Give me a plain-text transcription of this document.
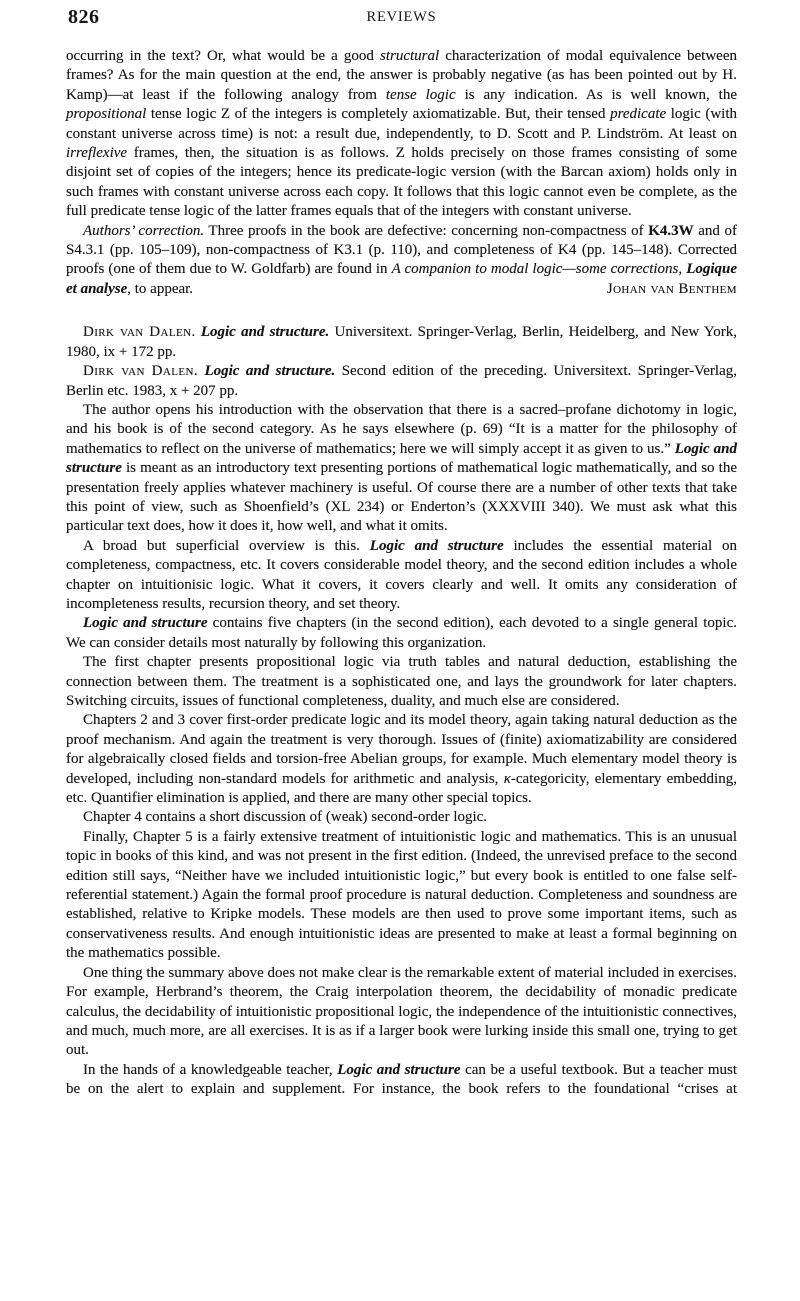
826	REVIEWS

occurring in the text? Or, what would be a good structural characterization of modal equivalence between frames? As for the main question at the end, the answer is probably negative (as has been pointed out by H. Kamp)—at least if the following analogy from tense logic is any indication. As is well known, the propositional tense logic Z of the integers is completely axiomatizable. But, their tensed predicate logic (with constant universe across time) is not: a result due, independently, to D. Scott and P. Lindström. At least on irreflexive frames, then, the situation is as follows. Z holds precisely on those frames consisting of some disjoint set of copies of the integers; hence its predicate-logic version (with the Barcan axiom) holds only in such frames with constant universe across each copy. It follows that this logic cannot even be complete, as the full predicate tense logic of the latter frames equals that of the integers with constant universe.

Authors’ correction. Three proofs in the book are defective: concerning non-compactness of K4.3W and of S4.3.1 (pp. 105–109), non-compactness of K3.1 (p. 110), and completeness of K4 (pp. 145–148). Corrected proofs (one of them due to W. Goldfarb) are found in A companion to modal logic—some corrections, Logique et analyse, to appear.	Johan van Benthem

Dirk van Dalen. Logic and structure. Universitext. Springer-Verlag, Berlin, Heidelberg, and New York, 1980, ix + 172 pp.

Dirk van Dalen. Logic and structure. Second edition of the preceding. Universitext. Springer-Verlag, Berlin etc. 1983, x + 207 pp.

The author opens his introduction with the observation that there is a sacred–profane dichotomy in logic, and his book is of the second category. As he says elsewhere (p. 69) “It is a matter for the philosophy of mathematics to reflect on the universe of mathematics; here we will simply accept it as given to us.” Logic and structure is meant as an introductory text presenting portions of mathematical logic mathematically, and so the presentation freely applies whatever machinery is useful. Of course there are a number of other texts that take this point of view, such as Shoenfield’s (XL 234) or Enderton’s (XXXVIII 340). We must ask what this particular text does, how it does it, how well, and what it omits.

A broad but superficial overview is this. Logic and structure includes the essential material on completeness, compactness, etc. It covers considerable model theory, and the second edition includes a whole chapter on intuitionisic logic. What it covers, it covers clearly and well. It omits any consideration of incompleteness results, recursion theory, and set theory.

Logic and structure contains five chapters (in the second edition), each devoted to a single general topic. We can consider details most naturally by following this organization.

The first chapter presents propositional logic via truth tables and natural deduction, establishing the connection between them. The treatment is a sophisticated one, and lays the groundwork for later chapters. Switching circuits, issues of functional completeness, duality, and much else are considered.

Chapters 2 and 3 cover first-order predicate logic and its model theory, again taking natural deduction as the proof mechanism. And again the treatment is very thorough. Issues of (finite) axiomatizability are considered for algebraically closed fields and torsion-free Abelian groups, for example. Much elementary model theory is developed, including non-standard models for arithmetic and analysis, κ-categoricity, elementary embedding, etc. Quantifier elimination is applied, and there are many other special topics.

Chapter 4 contains a short discussion of (weak) second-order logic.

Finally, Chapter 5 is a fairly extensive treatment of intuitionistic logic and mathematics. This is an unusual topic in books of this kind, and was not present in the first edition. (Indeed, the unrevised preface to the second edition still says, “Neither have we included intuitionistic logic,” but every book is entitled to one false self-referential statement.) Again the formal proof procedure is natural deduction. Completeness and soundness are established, relative to Kripke models. These models are then used to prove some important items, such as conservativeness results. And enough intuitionistic ideas are presented to make at least a formal beginning on the mathematics possible.

One thing the summary above does not make clear is the remarkable extent of material included in exercises. For example, Herbrand’s theorem, the Craig interpolation theorem, the decidability of monadic predicate calculus, the decidability of intuitionistic propositional logic, the independence of the intuitionistic connectives, and much, much more, are all exercises. It is as if a larger book were lurking inside this small one, trying to get out.

In the hands of a knowledgeable teacher, Logic and structure can be a useful textbook. But a teacher must be on the alert to explain and supplement. For instance, the book refers to the foundational “crises at
